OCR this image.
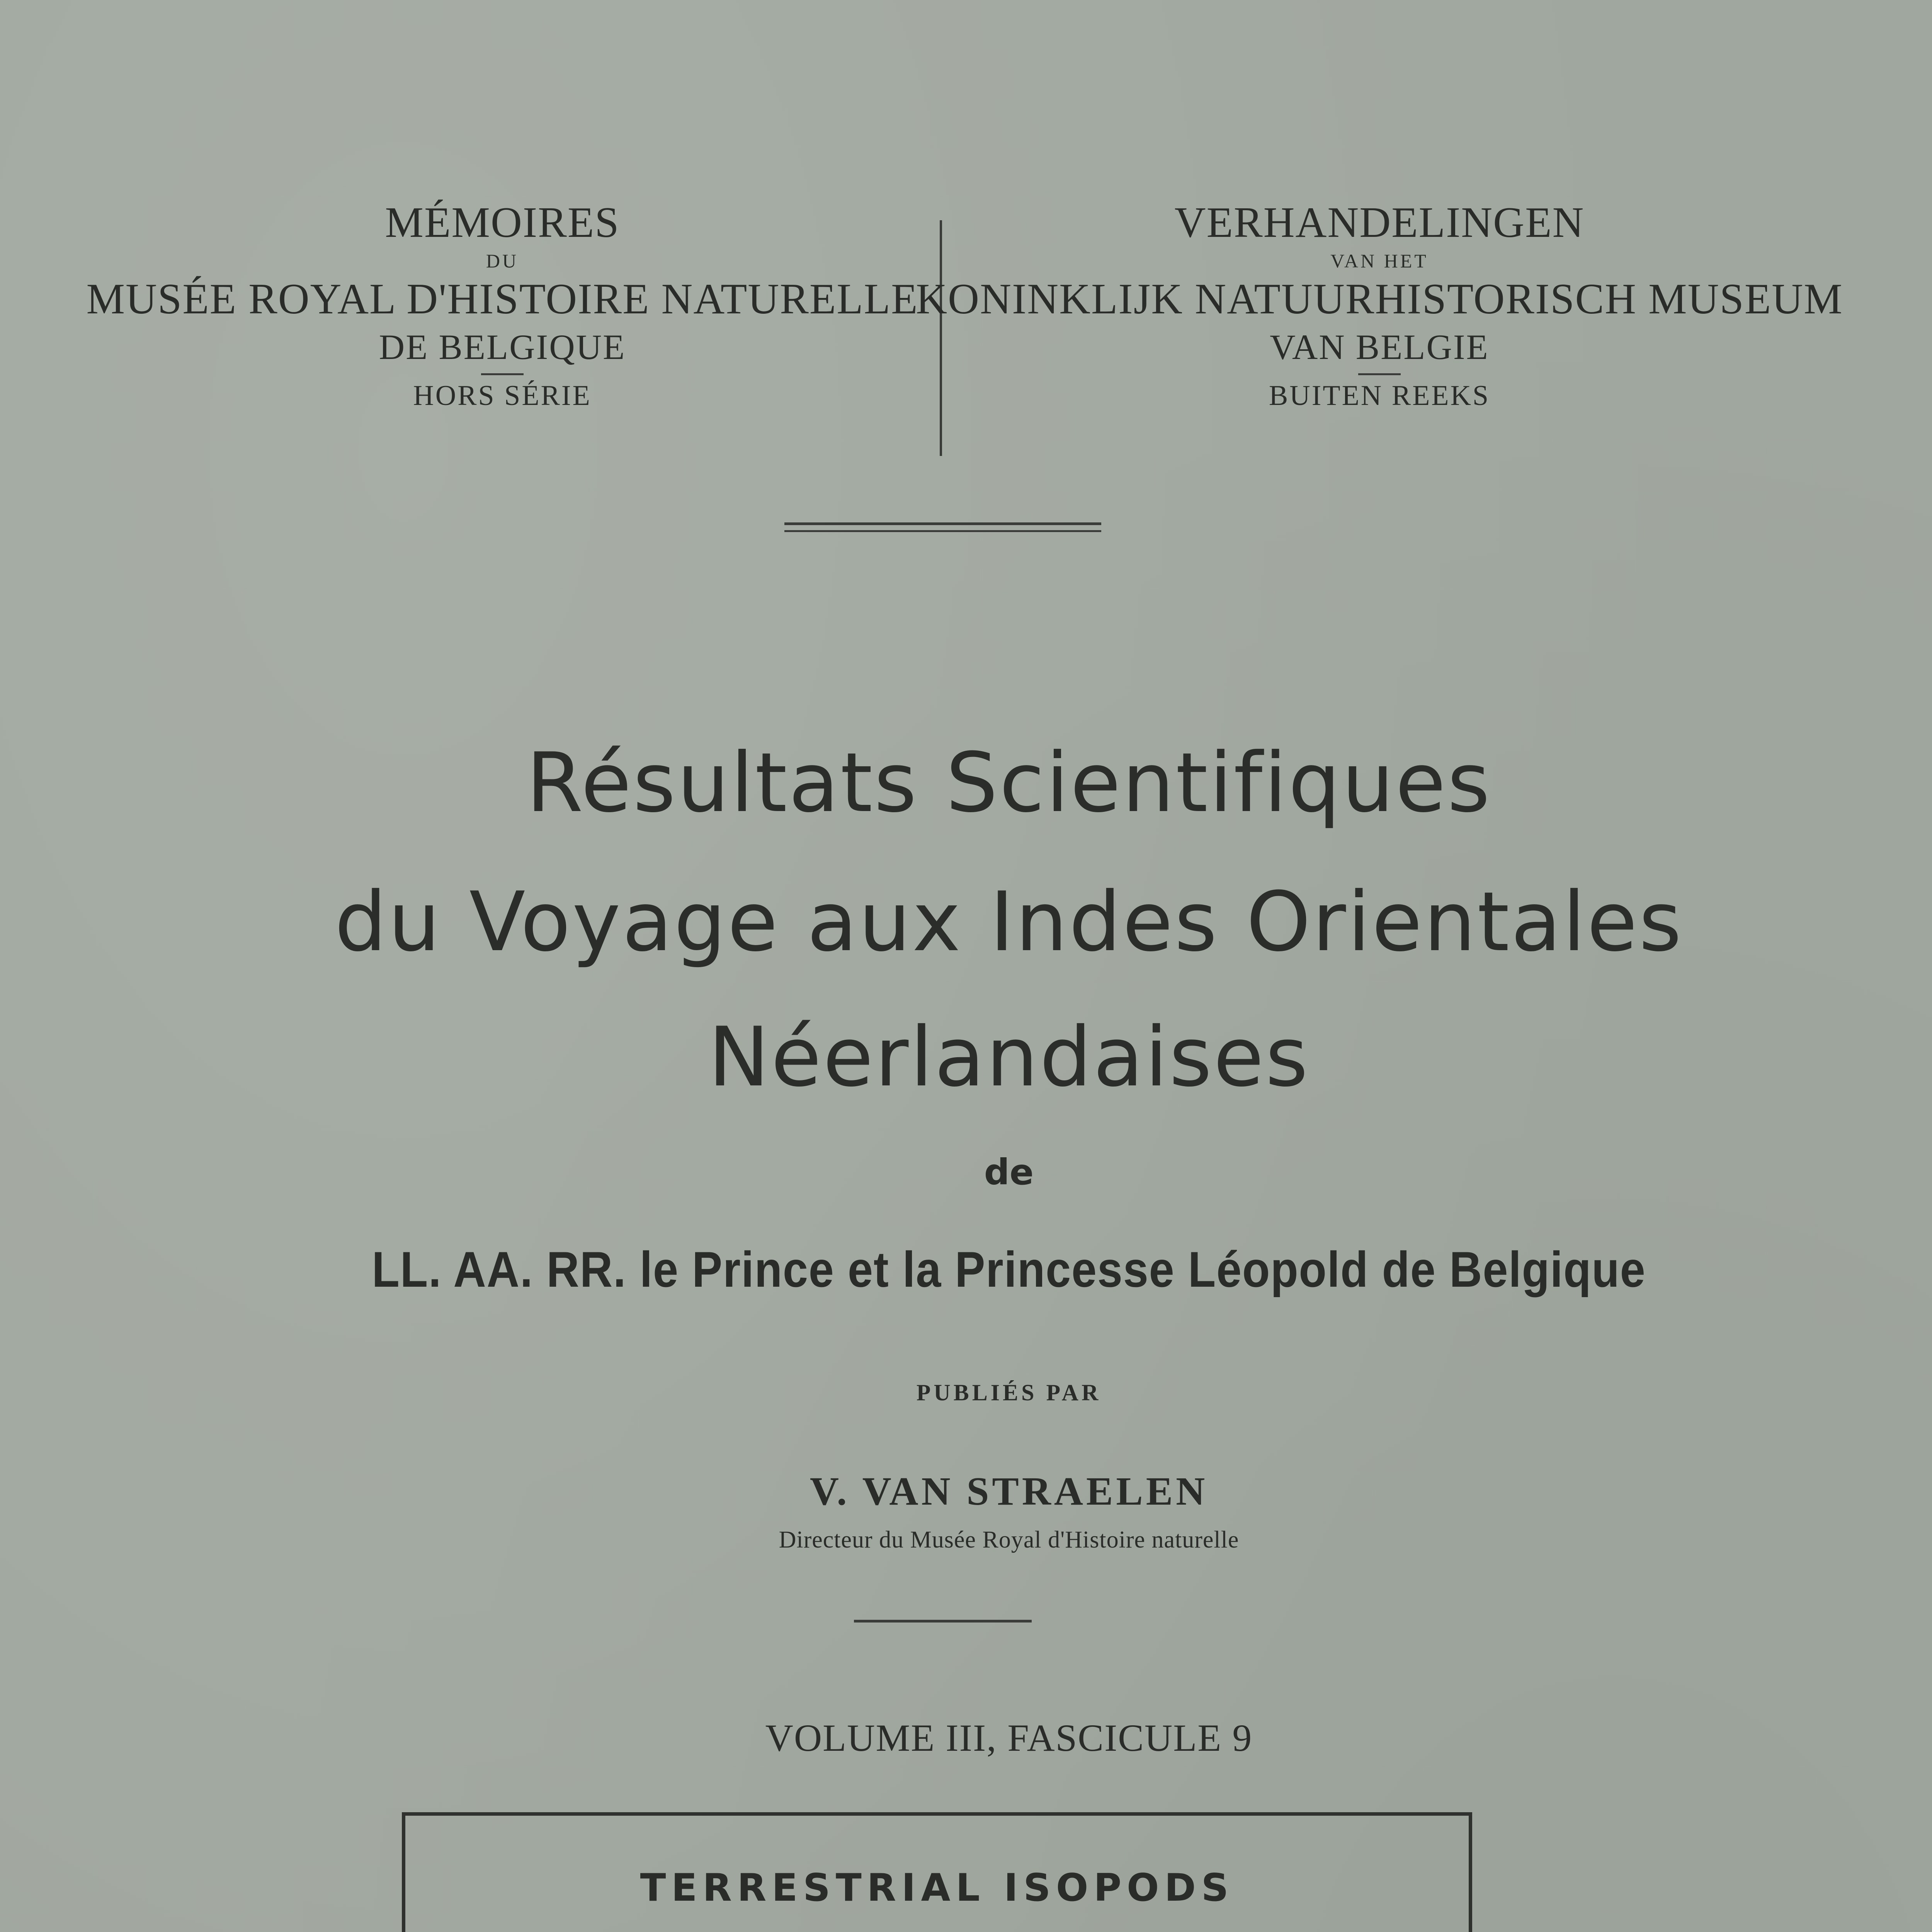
MÉMOIRES
DU
MUSÉE ROYAL D'HISTOIRE NATURELLE
DE BELGIQUE
HORS SÉRIE
VERHANDELINGEN
VAN HET
KONINKLIJK NATUURHISTORISCH MUSEUM
VAN BELGIE
BUITEN REEKS
Résultats Scientifiques
du Voyage aux Indes Orientales
Néerlandaises
de
LL. AA. RR. le Prince et la Princesse Léopold de Belgique
PUBLIÉS PAR
V. VAN STRAELEN
Directeur du Musée Royal d'Histoire naturelle
VOLUME III, FASCICULE 9
TERRESTRIAL ISOPODS
